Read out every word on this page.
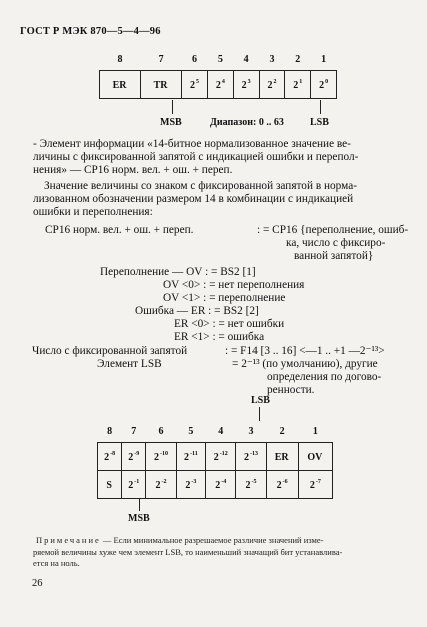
ГОСТ Р МЭК 870—5—4—96
8	7	6	5	4	3	2	1
ER	TR	$2^5$	$2^4$	$2^3$	$2^2$	$2^1$	$2^0$
MSB	Диапазон: 0 .. 63	LSB
- Элемент информации «14-битное нормализованное значение ве-
личины с фиксированной запятой с индикацией ошибки и перепол-
нения» — CP16 норм. вел. + ош. + переп.
Значение величины со знаком с фиксированной запятой в норма-
лизованном обозначении размером 14 в комбинации с индикацией
ошибки и переполнения:
CP16 норм. вел. + ош. + переп.	: = CP16 {переполнение, ошиб-
ка, число с фиксиро-
ванной запятой}
Переполнение — OV : = BS2 [1]
OV <0> : = нет переполнения
OV <1> : = переполнение
Ошибка — ER : = BS2 [2]
ER <0> : = нет ошибки
ER <1> : = ошибка
Число с фиксированной запятой	: = F14 [3 .. 16] <—1 .. +1 —2⁻¹³>
Элемент LSB	= 2⁻¹³ (по умолчанию), другие
определения по догово-
ренности.
LSB
8	7	6	5	4	3	2	1
$2^{-8}$	$2^{-9}$	$2^{-10}$	$2^{-11}$	$2^{-12}$	$2^{-13}$	ER	OV
S	$2^{-1}$	$2^{-2}$	$2^{-3}$	$2^{-4}$	$2^{-5}$	$2^{-6}$	$2^{-7}$
MSB
Примечание — Если минимальное разрешаемое различие значений изме-
ряемой величины хуже чем элемент LSB, то наименьший значащий бит устанавлива-
ется на ноль.
26
